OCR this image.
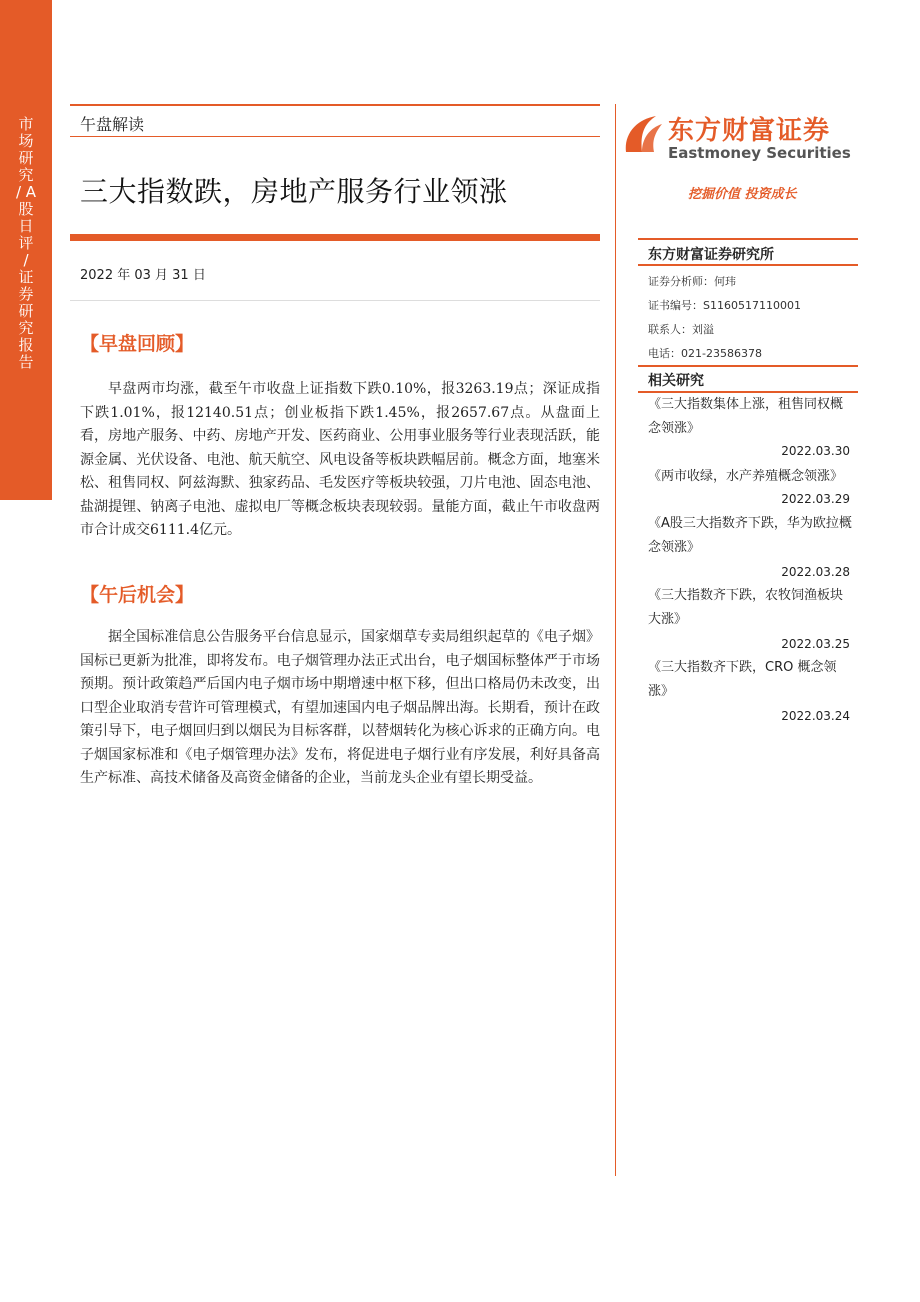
市场研究 / A股日评 / 证券研究报告
午盘解读
三大指数跌，房地产服务行业领涨
2022 年 03 月 31 日
【早盘回顾】

早盘两市均涨，截至午市收盘上证指数下跌0.10%，报3263.19点；深证成指下跌1.01%，报12140.51点；创业板指下跌1.45%，报2657.67点。从盘面上看，房地产服务、中药、房地产开发、医药商业、公用事业服务等行业表现活跃，能源金属、光伏设备、电池、航天航空、风电设备等板块跌幅居前。概念方面，地塞米松、租售同权、阿兹海默、独家药品、毛发医疗等板块较强，刀片电池、固态电池、盐湖提锂、钠离子电池、虚拟电厂等概念板块表现较弱。量能方面，截止午市收盘两市合计成交6111.4亿元。

【午后机会】

据全国标准信息公告服务平台信息显示，国家烟草专卖局组织起草的《电子烟》国标已更新为批准，即将发布。电子烟管理办法正式出台，电子烟国标整体严于市场预期。预计政策趋严后国内电子烟市场中期增速中枢下移，但出口格局仍未改变，出口型企业取消专营许可管理模式，有望加速国内电子烟品牌出海。长期看，预计在政策引导下，电子烟回归到以烟民为目标客群，以替烟转化为核心诉求的正确方向。电子烟国家标准和《电子烟管理办法》发布，将促进电子烟行业有序发展，利好具备高生产标准、高技术储备及高资金储备的企业，当前龙头企业有望长期受益。

东方财富证券
Eastmoney Securities
挖掘价值 投资成长
东方财富证券研究所
证券分析师：何玮
证书编号：S1160517110001
联系人：刘溢
电话：021-23586378
相关研究
《三大指数集体上涨，租售同权概念领涨》
2022.03.30
《两市收绿，水产养殖概念领涨》
2022.03.29
《A股三大指数齐下跌，华为欧拉概念领涨》
2022.03.28
《三大指数齐下跌，农牧饲渔板块大涨》
2022.03.25
《三大指数齐下跌，CRO 概念领涨》
2022.03.24
